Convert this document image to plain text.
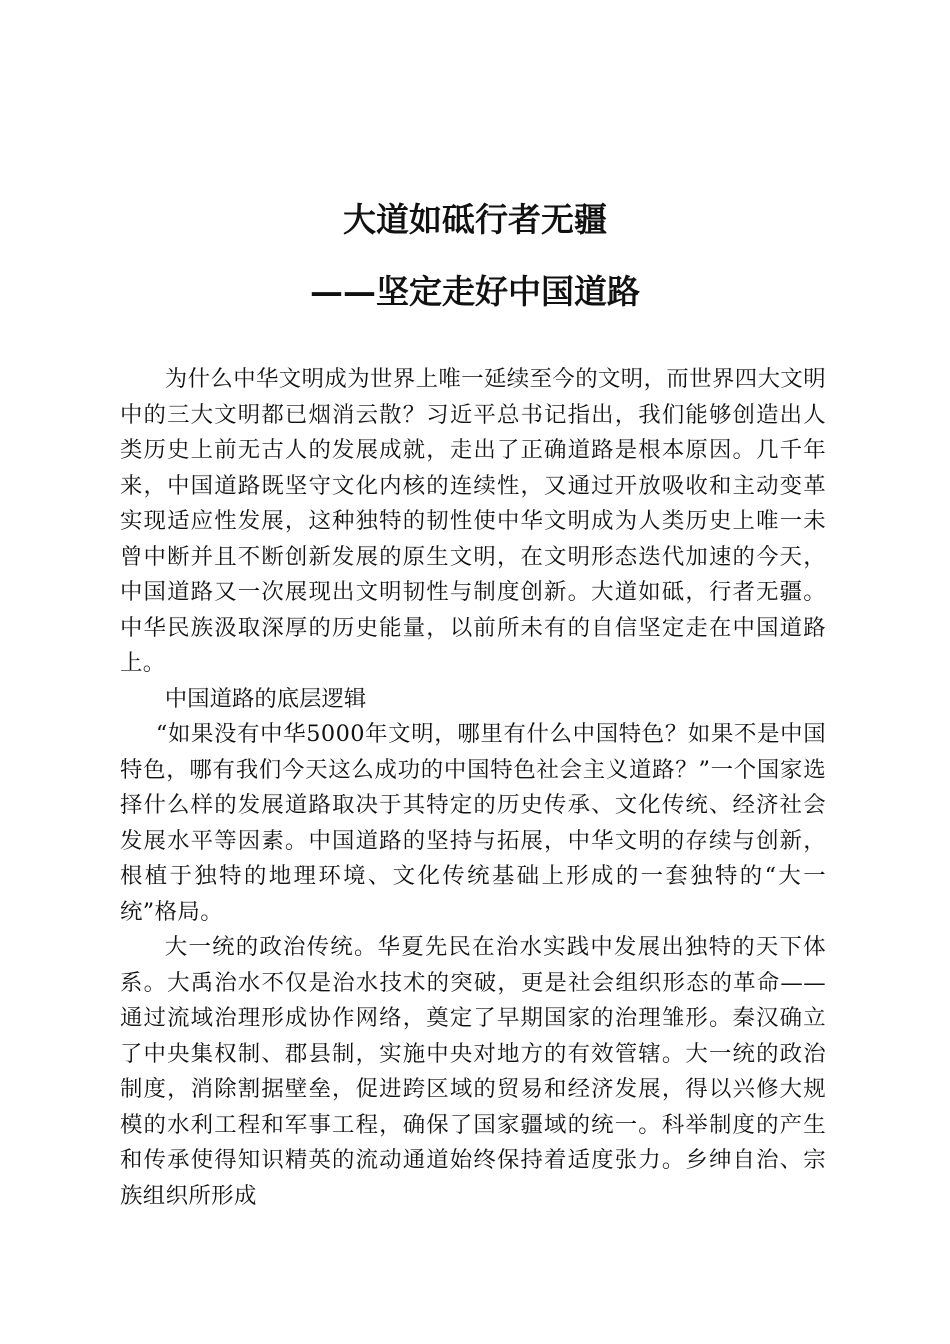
大道如砥行者无疆
——坚定走好中国道路

为什么中华文明成为世界上唯一延续至今的文明，而世界四大文明中的三大文明都已烟消云散？习近平总书记指出，我们能够创造出人类历史上前无古人的发展成就，走出了正确道路是根本原因。几千年来，中国道路既坚守文化内核的连续性，又通过开放吸收和主动变革实现适应性发展，这种独特的韧性使中华文明成为人类历史上唯一未曾中断并且不断创新发展的原生文明，在文明形态迭代加速的今天，中国道路又一次展现出文明韧性与制度创新。大道如砥，行者无疆。中华民族汲取深厚的历史能量，以前所未有的自信坚定走在中国道路上。

中国道路的底层逻辑

“如果没有中华5000年文明，哪里有什么中国特色？如果不是中国特色，哪有我们今天这么成功的中国特色社会主义道路？”一个国家选择什么样的发展道路取决于其特定的历史传承、文化传统、经济社会发展水平等因素。中国道路的坚持与拓展，中华文明的存续与创新，根植于独特的地理环境、文化传统基础上形成的一套独特的“大一统”格局。

大一统的政治传统。华夏先民在治水实践中发展出独特的天下体系。大禹治水不仅是治水技术的突破，更是社会组织形态的革命——通过流域治理形成协作网络，奠定了早期国家的治理雏形。秦汉确立了中央集权制、郡县制，实施中央对地方的有效管辖。大一统的政治制度，消除割据壁垒，促进跨区域的贸易和经济发展，得以兴修大规模的水利工程和军事工程，确保了国家疆域的统一。科举制度的产生和传承使得知识精英的流动通道始终保持着适度张力。乡绅自治、宗族组织所形成
